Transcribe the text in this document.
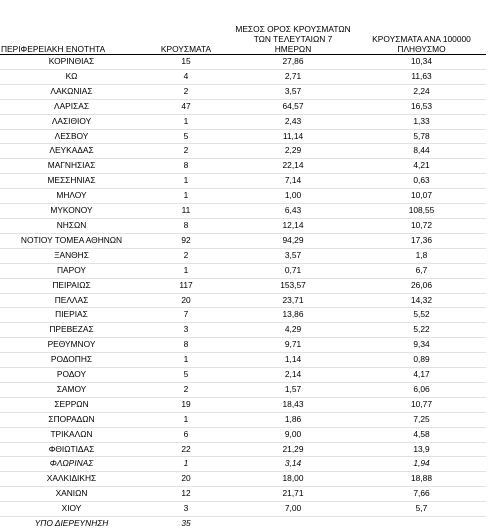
ΠΕΡΙΦΕΡΕΙΑΚΗ ΕΝΟΤΗΤΑ	ΚΡΟΥΣΜΑΤΑ	ΜΕΣΟΣ ΟΡΟΣ ΚΡΟΥΣΜΑΤΩΝ
ΤΩΝ ΤΕΛΕΥΤΑΙΩΝ 7
ΗΜΕΡΩΝ	ΚΡΟΥΣΜΑΤΑ ΑΝΑ 100000
ΠΛΗΘΥΣΜΟ
ΚΟΡΙΝΘΙΑΣ	15	27,86	10,34
ΚΩ	4	2,71	11,63
ΛΑΚΩΝΙΑΣ	2	3,57	2,24
ΛΑΡΙΣΑΣ	47	64,57	16,53
ΛΑΣΙΘΙΟΥ	1	2,43	1,33
ΛΕΣΒΟΥ	5	11,14	5,78
ΛΕΥΚΑΔΑΣ	2	2,29	8,44
ΜΑΓΝΗΣΙΑΣ	8	22,14	4,21
ΜΕΣΣΗΝΙΑΣ	1	7,14	0,63
ΜΗΛΟΥ	1	1,00	10,07
ΜΥΚΟΝΟΥ	11	6,43	108,55
ΝΗΣΩΝ	8	12,14	10,72
ΝΟΤΙΟΥ ΤΟΜΕΑ ΑΘΗΝΩΝ	92	94,29	17,36
ΞΑΝΘΗΣ	2	3,57	1,8
ΠΑΡΟΥ	1	0,71	6,7
ΠΕΙΡΑΙΩΣ	117	153,57	26,06
ΠΕΛΛΑΣ	20	23,71	14,32
ΠΙΕΡΙΑΣ	7	13,86	5,52
ΠΡΕΒΕΖΑΣ	3	4,29	5,22
ΡΕΘΥΜΝΟΥ	8	9,71	9,34
ΡΟΔΟΠΗΣ	1	1,14	0,89
ΡΟΔΟΥ	5	2,14	4,17
ΣΑΜΟΥ	2	1,57	6,06
ΣΕΡΡΩΝ	19	18,43	10,77
ΣΠΟΡΑΔΩΝ	1	1,86	7,25
ΤΡΙΚΑΛΩΝ	6	9,00	4,58
ΦΘΙΩΤΙΔΑΣ	22	21,29	13,9
ΦΛΩΡΙΝΑΣ	1	3,14	1,94
ΧΑΛΚΙΔΙΚΗΣ	20	18,00	18,88
ΧΑΝΙΩΝ	12	21,71	7,66
ΧΙΟΥ	3	7,00	5,7
ΥΠΟ ΔΙΕΡΕΥΝΗΣΗ	35		
